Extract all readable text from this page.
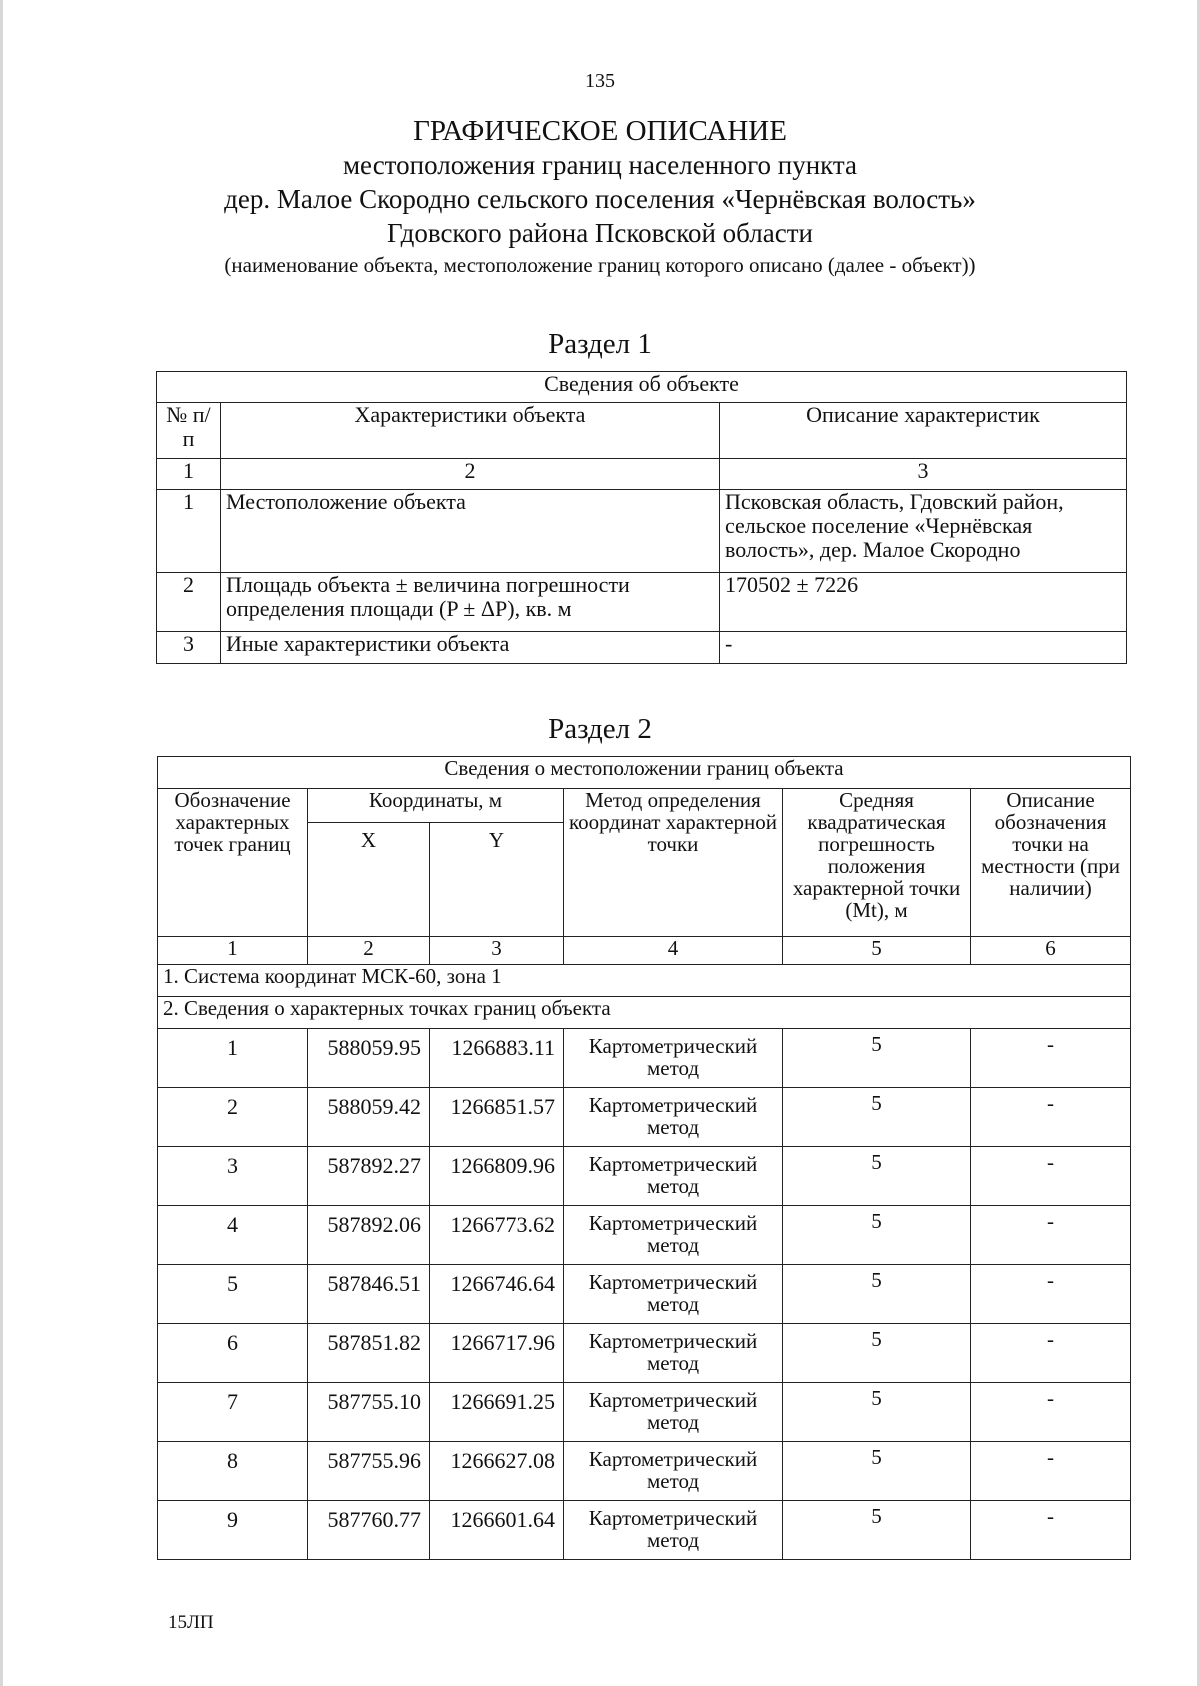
135
ГРАФИЧЕСКОЕ ОПИСАНИЕ
местоположения границ населенного пункта
дер. Малое Скородно сельского поселения «Чернёвская волость»
Гдовского района Псковской области
(наименование объекта, местоположение границ которого описано (далее - объект))
Раздел 1
Сведения об объекте		
№ п/п	Характеристики объекта	Описание характеристик
1	2	3
1	Местоположение объекта	Псковская область, Гдовский район, сельское поселение «Чернёвская волость», дер. Малое Скородно
2	Площадь объекта ± величина погрешности определения площади (P ± ΔP), кв. м	170502 ± 7226
3	Иные характеристики объекта	-
Раздел 2
Сведения о местоположении границ объекта					
Обозначение характерных точек границ	Координаты, м		Метод определения координат характерной точки	Средняя квадратическая погрешность положения характерной точки (Mt), м	Описание обозначения точки на местности (при наличии)
	X	Y			
1	2	3	4	5	6
1. Система координат МСК-60, зона 1					
2. Сведения о характерных точках границ объекта					
1	588059.95	1266883.11	Картометрический метод	5	-
2	588059.42	1266851.57	Картометрический метод	5	-
3	587892.27	1266809.96	Картометрический метод	5	-
4	587892.06	1266773.62	Картометрический метод	5	-
5	587846.51	1266746.64	Картометрический метод	5	-
6	587851.82	1266717.96	Картометрический метод	5	-
7	587755.10	1266691.25	Картометрический метод	5	-
8	587755.96	1266627.08	Картометрический метод	5	-
9	587760.77	1266601.64	Картометрический метод	5	-
15ЛП
